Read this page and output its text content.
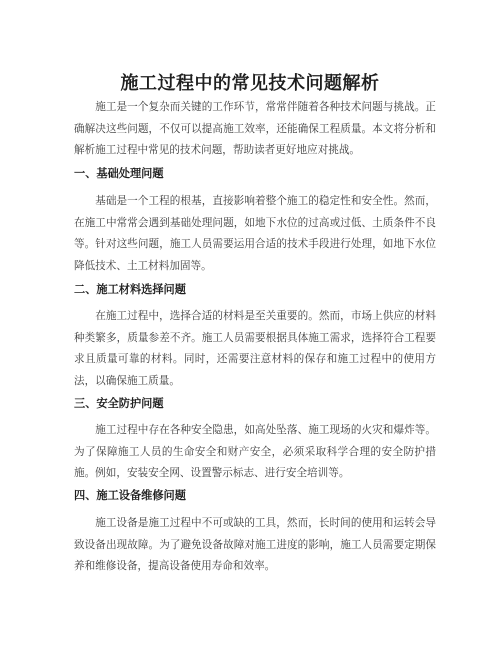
施工过程中的常见技术问题解析

施工是一个复杂而关键的工作环节，常常伴随着各种技术问题与挑战。正确解决这些问题，不仅可以提高施工效率，还能确保工程质量。本文将分析和解析施工过程中常见的技术问题，帮助读者更好地应对挑战。

一、基础处理问题

基础是一个工程的根基，直接影响着整个施工的稳定性和安全性。然而，在施工中常常会遇到基础处理问题，如地下水位的过高或过低、土质条件不良等。针对这些问题，施工人员需要运用合适的技术手段进行处理，如地下水位降低技术、土工材料加固等。

二、施工材料选择问题

在施工过程中，选择合适的材料是至关重要的。然而，市场上供应的材料种类繁多，质量参差不齐。施工人员需要根据具体施工需求，选择符合工程要求且质量可靠的材料。同时，还需要注意材料的保存和施工过程中的使用方法，以确保施工质量。

三、安全防护问题

施工过程中存在各种安全隐患，如高处坠落、施工现场的火灾和爆炸等。为了保障施工人员的生命安全和财产安全，必须采取科学合理的安全防护措施。例如，安装安全网、设置警示标志、进行安全培训等。

四、施工设备维修问题

施工设备是施工过程中不可或缺的工具，然而，长时间的使用和运转会导致设备出现故障。为了避免设备故障对施工进度的影响，施工人员需要定期保养和维修设备，提高设备使用寿命和效率。
